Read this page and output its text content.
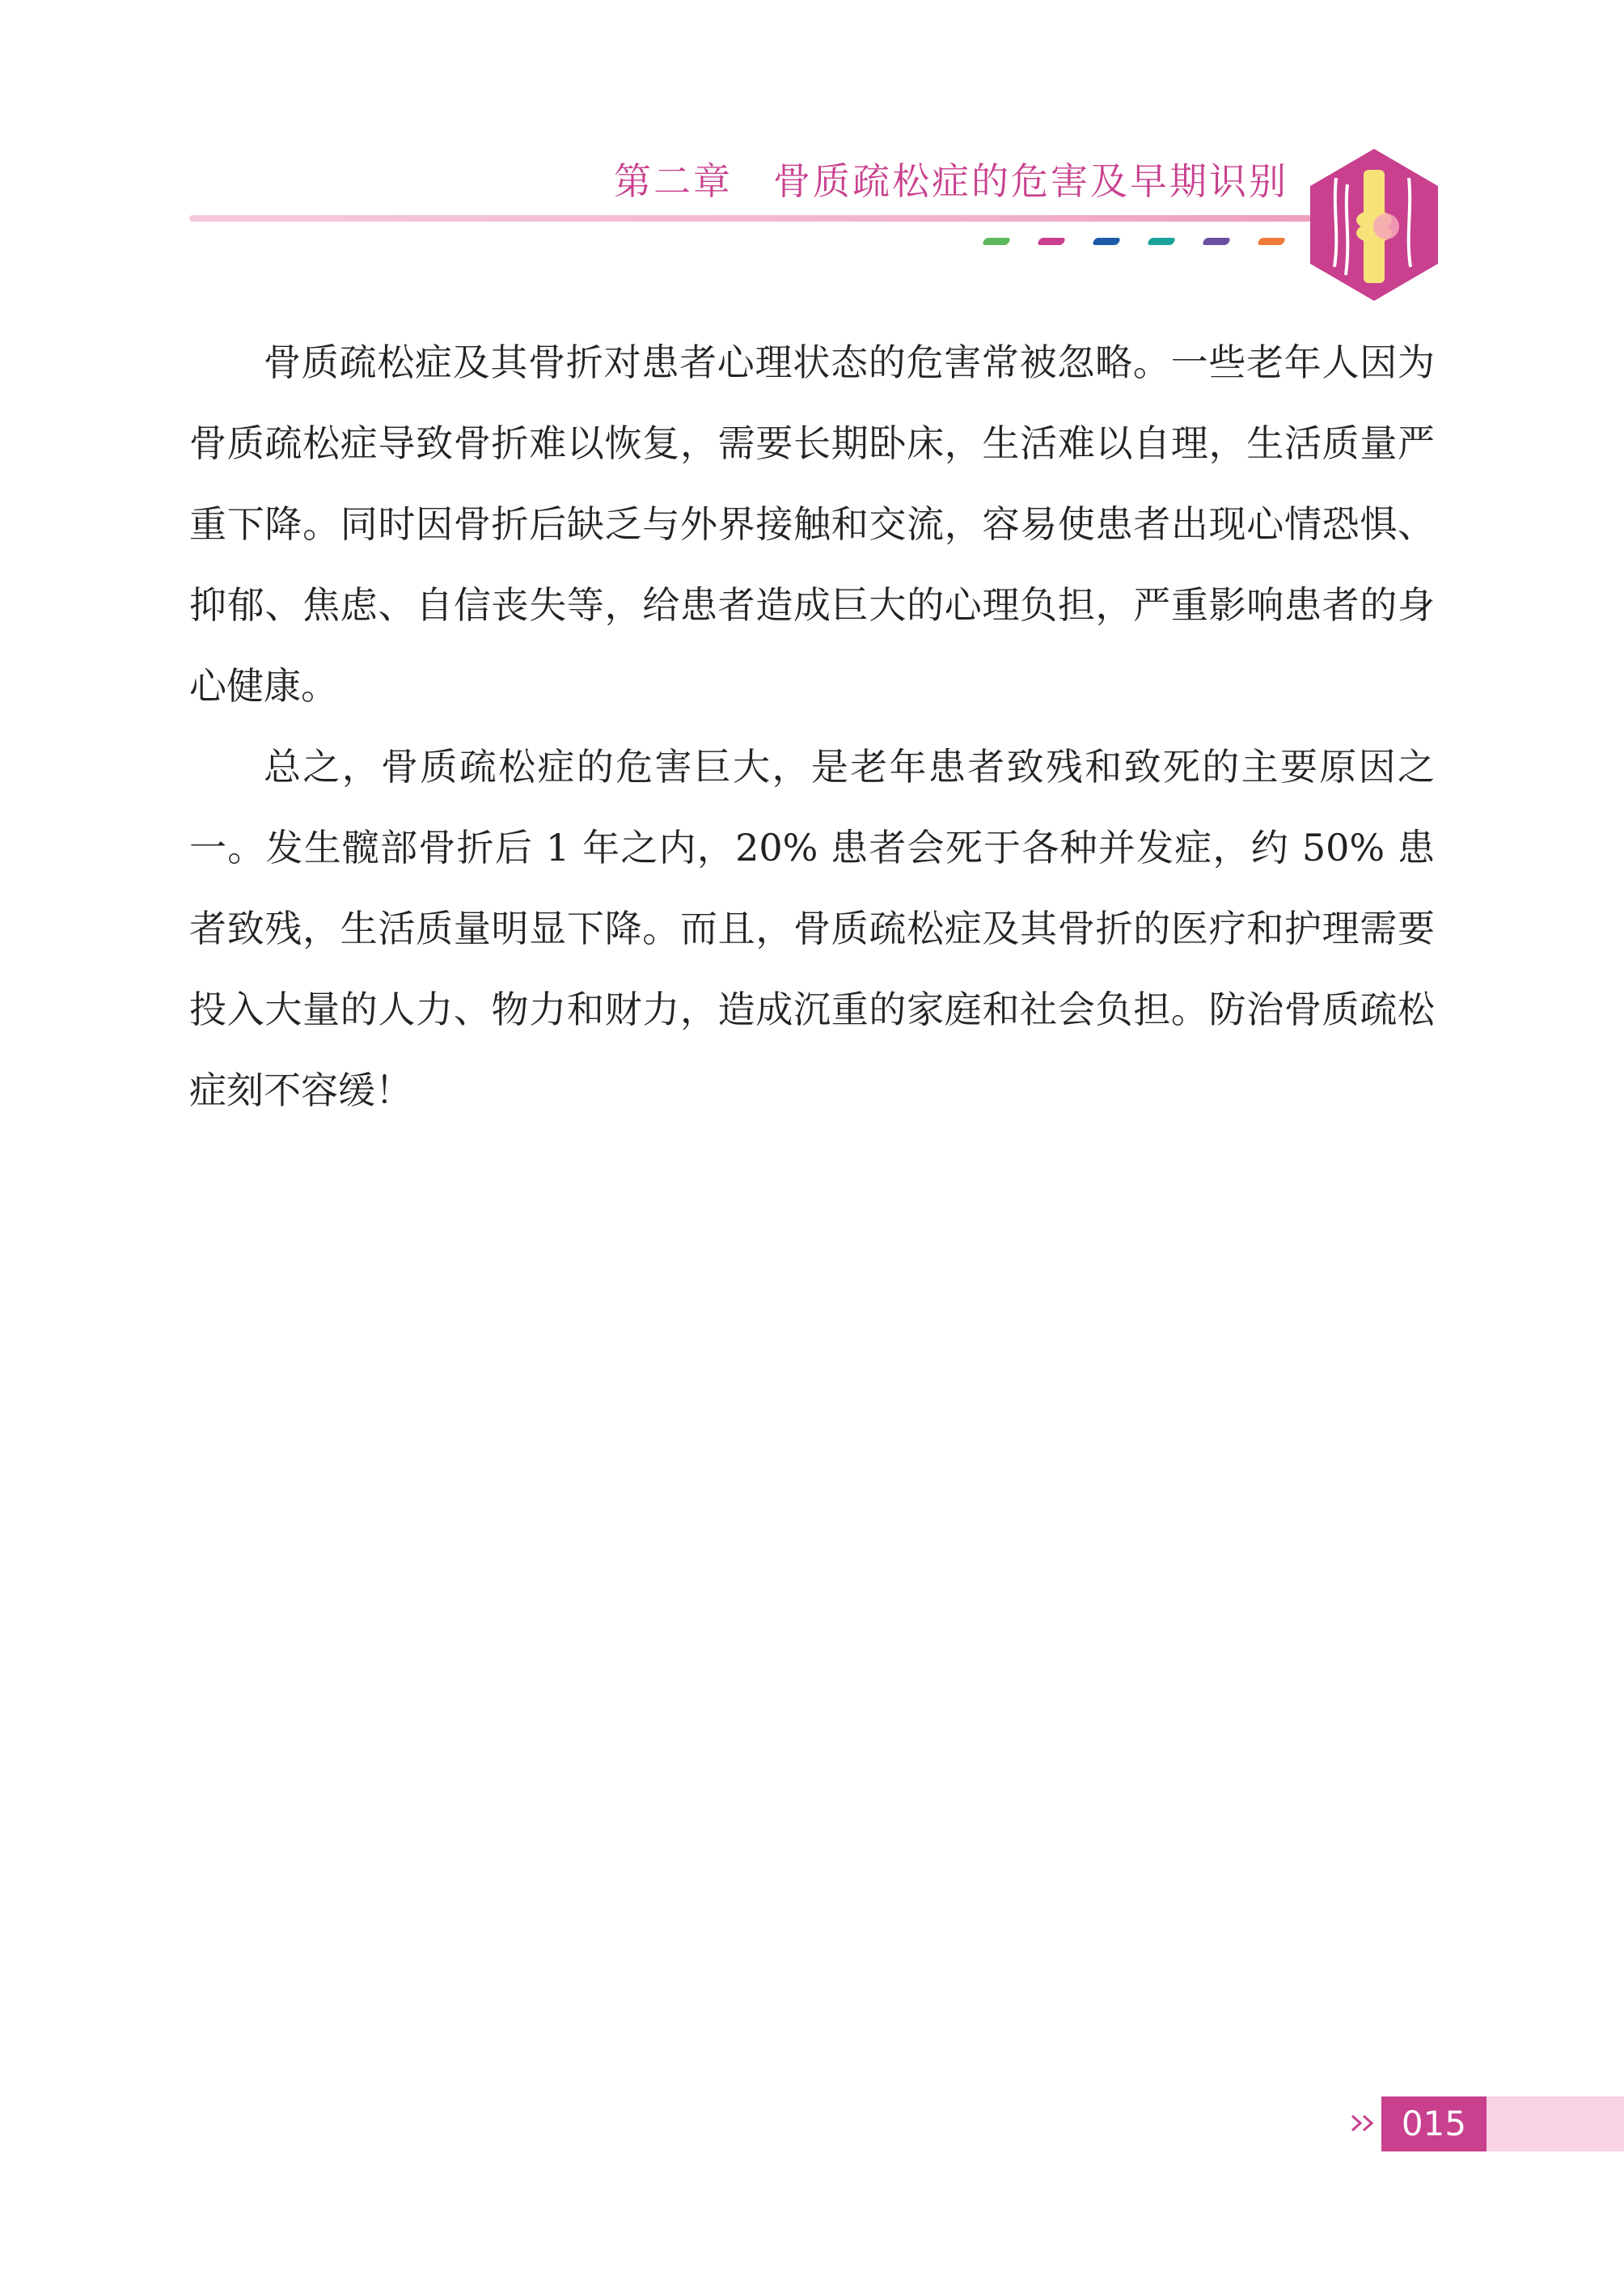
第二章 骨质疏松症的危害及早期识别

骨质疏松症及其骨折对患者心理状态的危害常被忽略。一些老年人因为骨质疏松症导致骨折难以恢复，需要长期卧床，生活难以自理，生活质量严重下降。同时因骨折后缺乏与外界接触和交流，容易使患者出现心情恐惧、抑郁、焦虑、自信丧失等，给患者造成巨大的心理负担，严重影响患者的身心健康。

总之，骨质疏松症的危害巨大，是老年患者致残和致死的主要原因之一。发生髋部骨折后 1 年之内，20% 患者会死于各种并发症，约 50% 患者致残，生活质量明显下降。而且，骨质疏松症及其骨折的医疗和护理需要投入大量的人力、物力和财力，造成沉重的家庭和社会负担。防治骨质疏松症刻不容缓！

015
